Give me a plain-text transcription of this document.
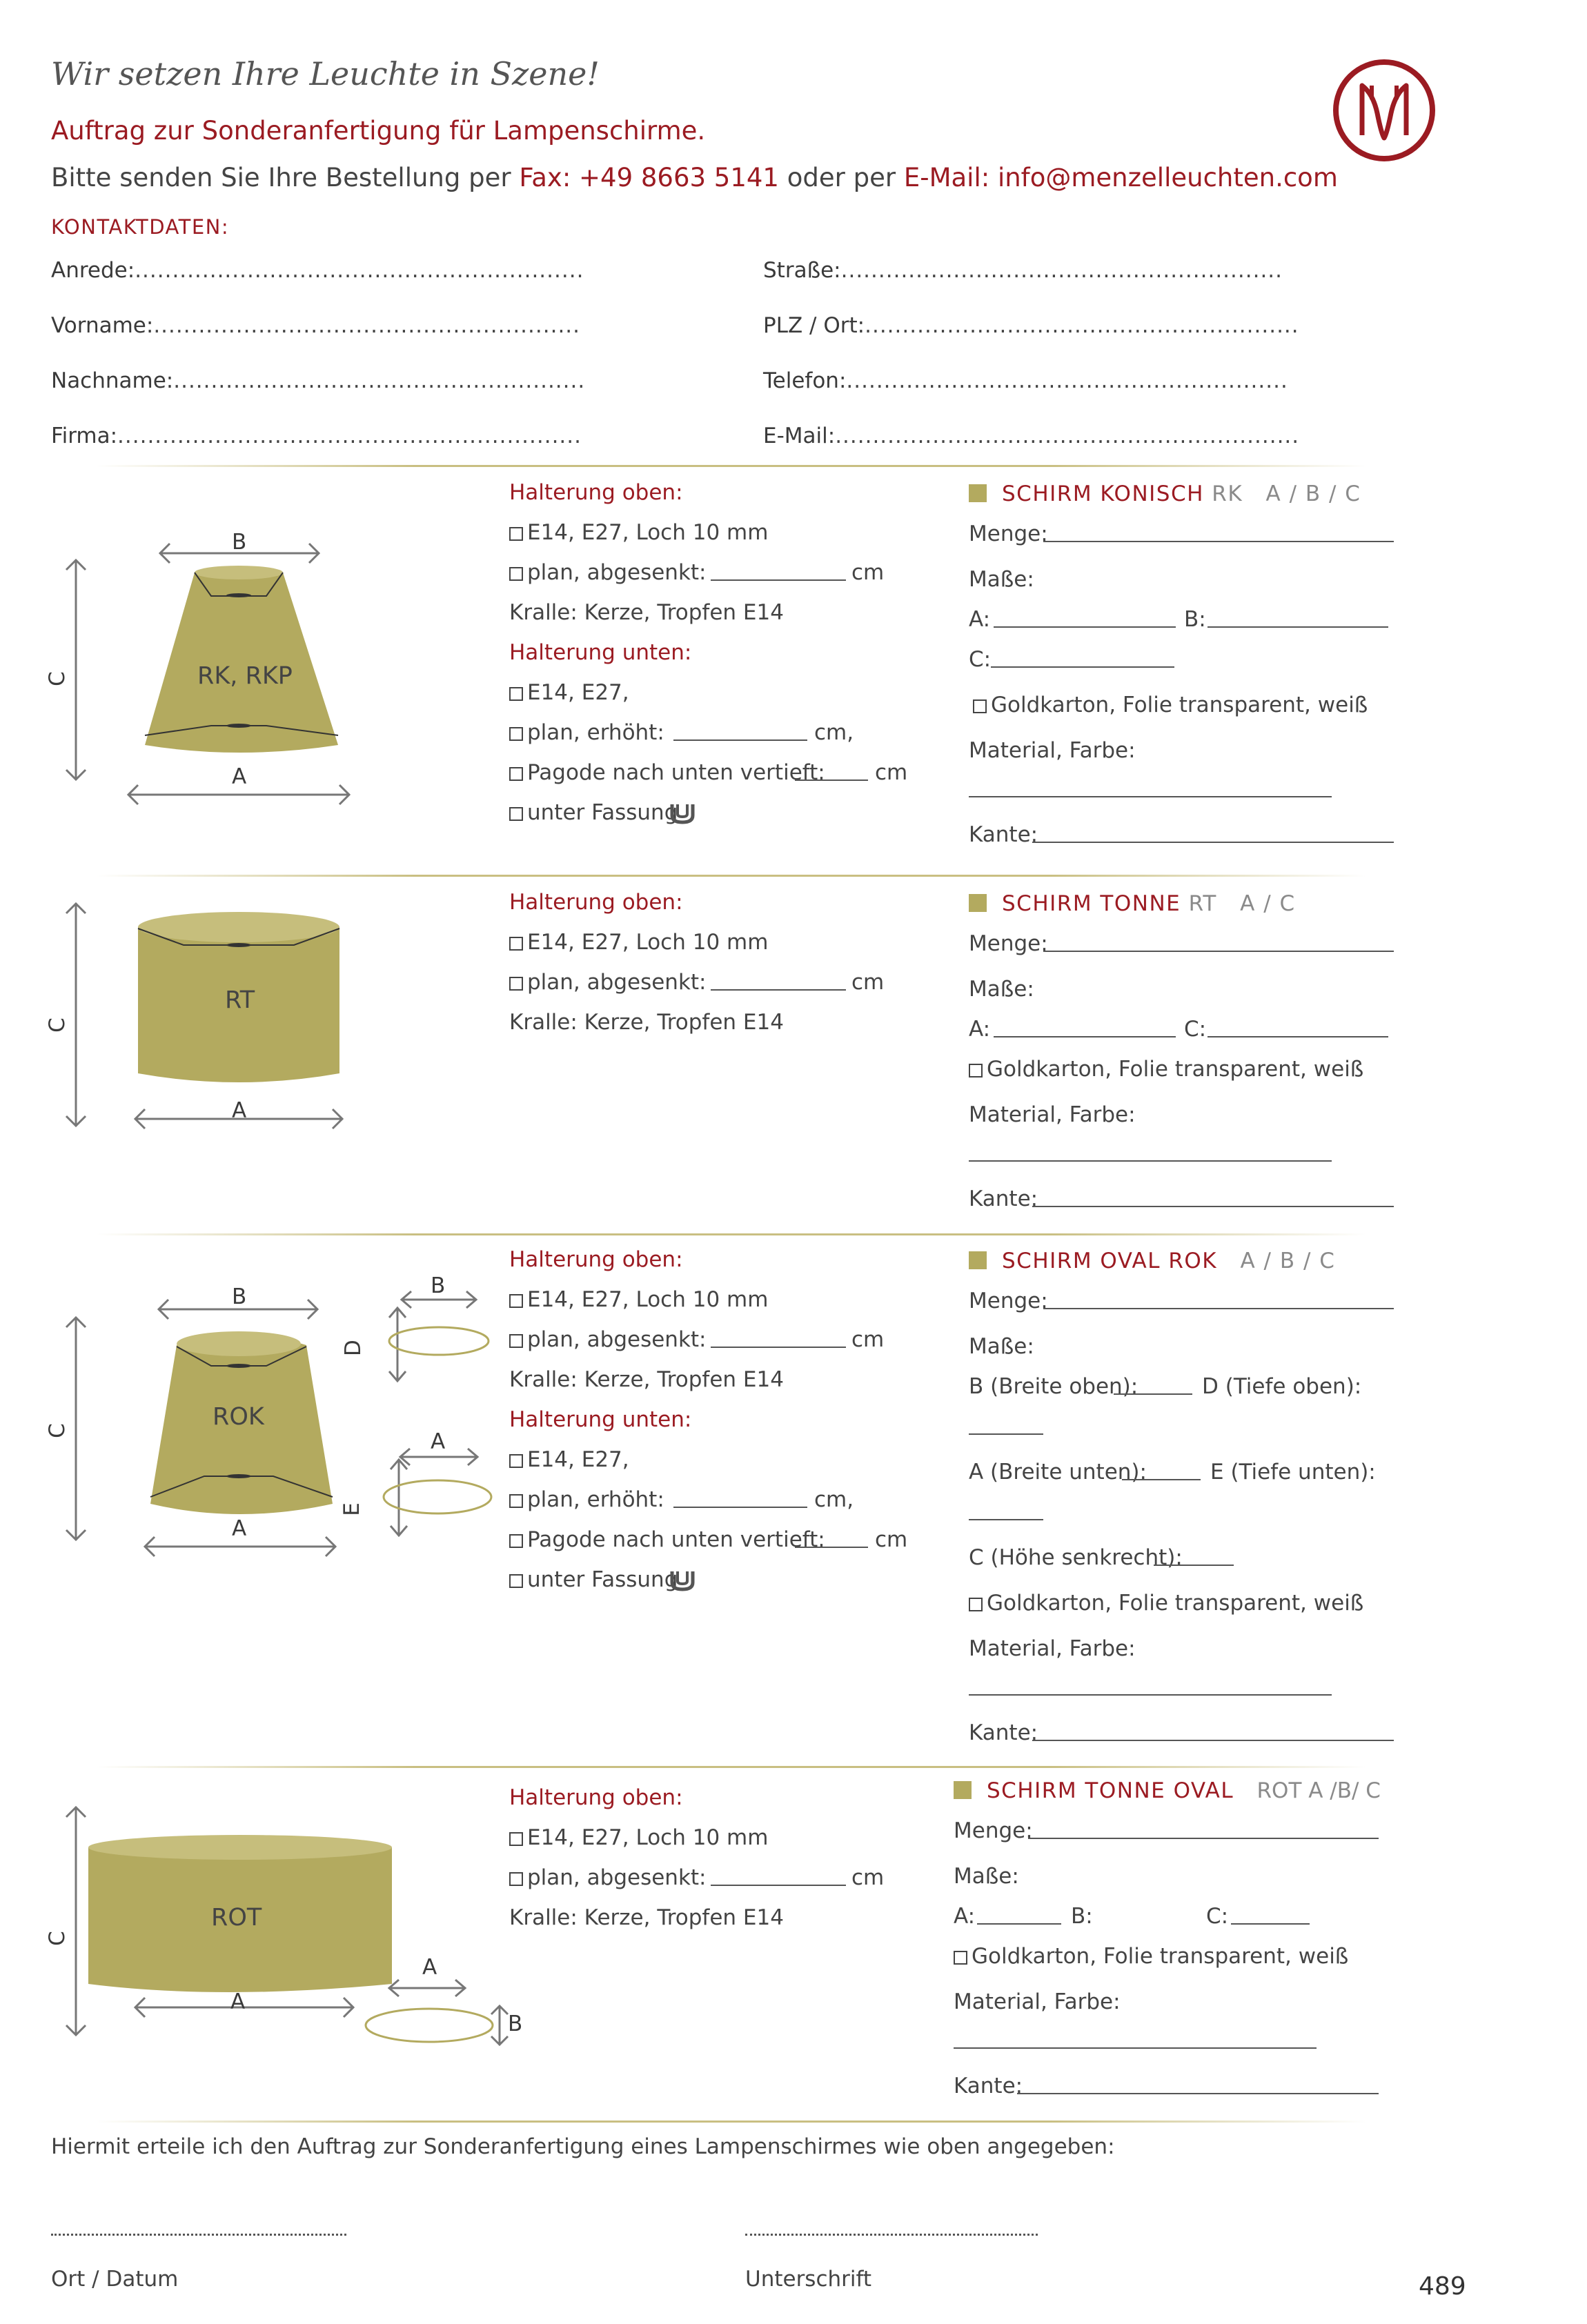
Wir setzen Ihre Leuchte in Szene!
Auftrag zur Sonderanfertigung für Lampenschirme.
Bitte senden Sie Ihre Bestellung per Fax: +49 8663 5141 oder per E-Mail: info@menzelleuchten.com
KONTAKTDATEN:
Anrede:............................................................
Vorname:.........................................................
Nachname:.......................................................
Firma:..............................................................
Straße:...........................................................
PLZ / Ort:..........................................................
Telefon:...........................................................
E-Mail:..............................................................
B
A
C	RK, RKP
Halterung oben:
E14, E27, Loch 10 mm
plan, abgesenkt:	cm
Kralle: Kerze, Tropfen E14
Halterung unten:
E14, E27,
plan, erhöht:	cm,
Pagode nach unten vertieft: cm
unter Fassung
SCHIRM KONISCH RK A / B / C
Menge:
Maße:
A:	B:
C:
Goldkarton, Folie transparent, weiß
Material, Farbe:
Kante:
A
C
RT
Halterung oben:
E14, E27, Loch 10 mm
plan, abgesenkt:	cm
Kralle: Kerze, Tropfen E14
SCHIRM TONNE RT A / C
Menge:
Maße:
A:	C:
Goldkarton, Folie transparent, weiß
Material, Farbe:
Kante:
B
A
C
B
D
A
E
ROK
Halterung oben:
E14, E27, Loch 10 mm
plan, abgesenkt:	cm
Kralle: Kerze, Tropfen E14
Halterung unten:
E14, E27,
plan, erhöht:	cm,
Pagode nach unten vertieft: cm
unter Fassung
SCHIRM OVAL ROK A / B / C
Menge:
Maße:
B (Breite oben):	D (Tiefe oben):
A (Breite unten):	E (Tiefe unten):
C (Höhe senkrecht):
Goldkarton, Folie transparent, weiß
Material, Farbe:
Kante:
A
C
A
B
ROT
Halterung oben:
E14, E27, Loch 10 mm
plan, abgesenkt:	cm
Kralle: Kerze, Tropfen E14
SCHIRM TONNE OVAL ROT A /B/ C
Menge:
Maße:
A:	B:	C:
Goldkarton, Folie transparent, weiß
Material, Farbe:
Kante:
Hiermit erteile ich den Auftrag zur Sonderanfertigung eines Lampenschirmes wie oben angegeben:
Ort / Datum	Unterschrift	489
